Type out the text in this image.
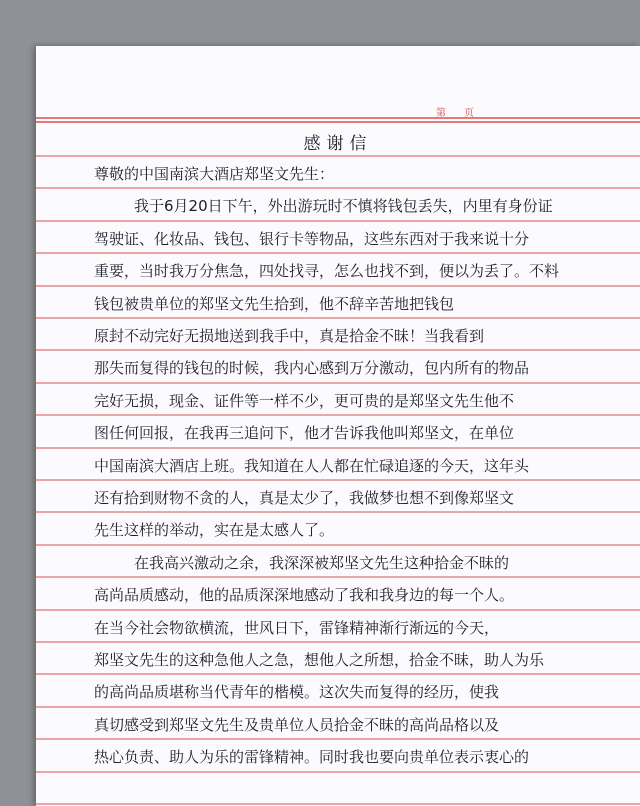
第页
感谢信
尊敬的中国南滨大酒店郑坚文先生：
我于6月20日下午，外出游玩时不慎将钱包丢失，内里有身份证
驾驶证、化妆品、钱包、银行卡等物品，这些东西对于我来说十分
重要，当时我万分焦急，四处找寻，怎么也找不到，便以为丢了。不料
钱包被贵单位的郑坚文先生拾到，他不辞辛苦地把钱包
原封不动完好无损地送到我手中，真是拾金不昧！当我看到
那失而复得的钱包的时候，我内心感到万分激动，包内所有的物品
完好无损，现金、证件等一样不少，更可贵的是郑坚文先生他不
图任何回报，在我再三追问下，他才告诉我他叫郑坚文，在单位
中国南滨大酒店上班。我知道在人人都在忙碌追逐的今天，这年头
还有拾到财物不贪的人，真是太少了，我做梦也想不到像郑坚文
先生这样的举动，实在是太感人了。
在我高兴激动之余，我深深被郑坚文先生这种拾金不昧的
高尚品质感动，他的品质深深地感动了我和我身边的每一个人。
在当今社会物欲横流，世风日下，雷锋精神渐行渐远的今天，
郑坚文先生的这种急他人之急，想他人之所想，拾金不昧，助人为乐
的高尚品质堪称当代青年的楷模。这次失而复得的经历，使我
真切感受到郑坚文先生及贵单位人员拾金不昧的高尚品格以及
热心负责、助人为乐的雷锋精神。同时我也要向贵单位表示衷心的
